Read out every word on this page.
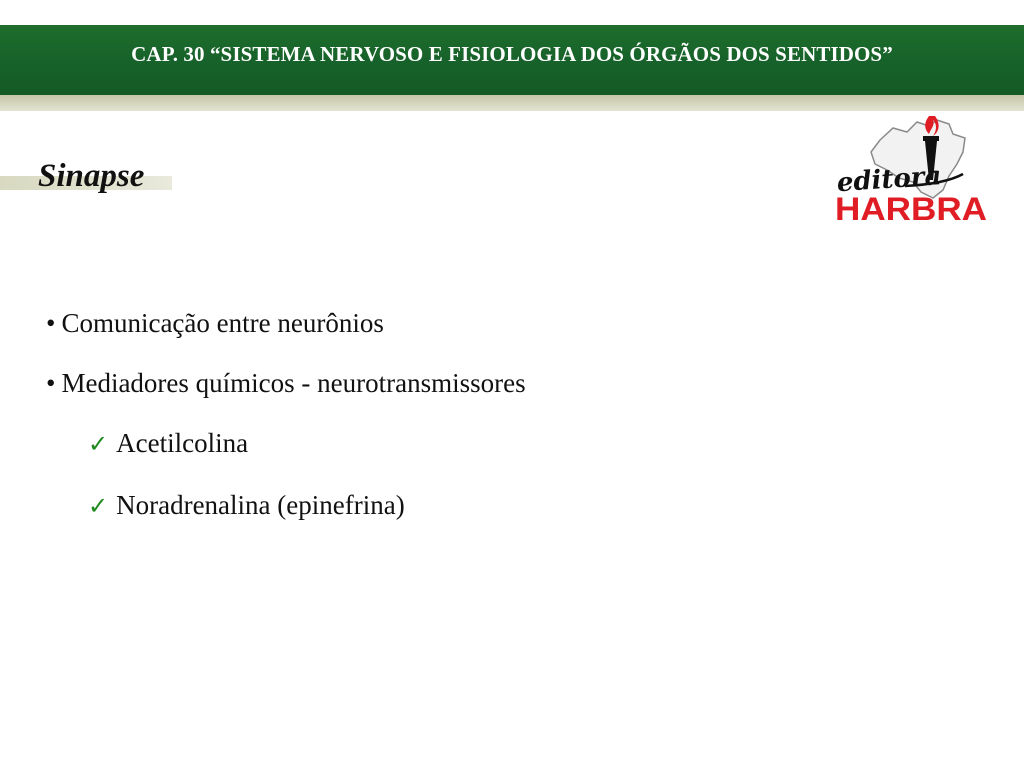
CAP. 30 “SISTEMA NERVOSO E FISIOLOGIA DOS ÓRGÃOS DOS SENTIDOS”
Sinapse	editora
HARBRA
• Comunicação entre neurônios
• Mediadores químicos - neurotransmissores
✓ Acetilcolina
✓ Noradrenalina (epinefrina)
